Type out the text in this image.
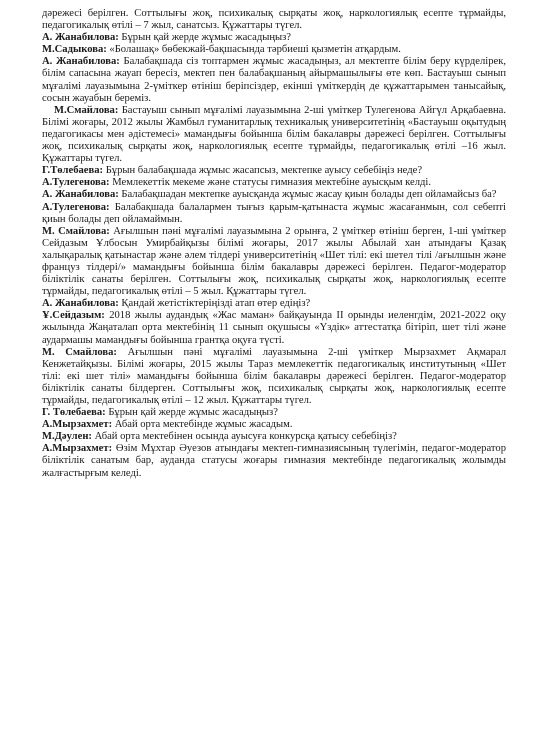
дәрежесі берілген. Соттылығы жоқ, психикалық сырқаты жоқ, наркологиялық есепте тұрмайды, педагогикалық өтілі – 7 жыл, санатсыз. Құжаттары түгел.

А. Жанабилова: Бұрын қай жерде жұмыс жасадыңыз?

М.Садыкова: «Болашақ» бөбекжай-бақшасында тәрбиеші қызметін атқардым.

А. Жанабилова: Балабақшада сіз топтармен жұмыс жасадыңыз, ал мектепте білім беру күрделірек, білім сапасына жауап бересіз, мектеп пен балабақшаның айырмашылығы өте көп. Бастауыш сынып мұғалімі лауазымына 2-үміткер өтініш беріпсіздер, екінші үміткердің де құжаттарымен танысайық, сосын жауабын береміз.

М.Смайлова: Бастауыш сынып мұғалімі лауазымына 2-ші үміткер Тулегенова Айгүл Арқабаевна. Білімі жоғары, 2012 жылы Жамбыл гуманитарлық техникалық университетінің «Бастауыш оқытудың педагогикасы мен әдістемесі» мамандығы бойынша білім бакалавры дәрежесі берілген. Соттылығы жоқ, психикалық сырқаты жоқ, наркологиялық есепте тұрмайды, педагогикалық өтілі –16 жыл. Құжаттары түгел.

Г.Төлебаева: Бұрын балабақшада жұмыс жасапсыз, мектепке ауысу себебіңіз неде?

А.Тулегенова: Мемлекеттік мекеме және статусы гимназия мектебіне ауысқым келді.

А. Жанабилова: Балабақшадан мектепке ауысқанда жұмыс жасау қиын болады деп ойламайсыз ба?

А.Тулегенова: Балабақшада балалармен тығыз қарым-қатынаста жұмыс жасағанмын, сол себепті қиын болады деп ойламаймын.

М. Смайлова: Ағылшын пәні мұғалімі лауазымына 2 орынға, 2 үміткер өтініш берген, 1-ші үміткер Сейдазым Ұлбосын Умирбайқызы білімі жоғары, 2017 жылы Абылай хан атындағы Қазақ халықаралық қатынастар және әлем тілдері университетінің «Шет тілі: екі шетел тілі /ағылшын және француз тілдері/» мамандығы бойынша білім бакалавры дәрежесі берілген. Педагог-модератор біліктілік санаты берілген. Соттылығы жоқ, психикалық сырқаты жоқ, наркологиялық есепте тұрмайды, педагогикалық өтілі – 5 жыл. Құжаттары түгел.

А. Жанабилова: Қандай жетістіктеріңізді атап өтер едіңіз?

Ұ.Сейдазым: 2018 жылы аудандық «Жас маман» байқауында II орынды иеленгдім, 2021-2022 оқу жылында Жаңаталап орта мектебінің 11 сынып оқушысы «Үздік» аттестатқа бітіріп, шет тілі және аудармашы мамандығы бойынша грантқа оқуға түсті.

М. Смайлова: Ағылшын пәні мұғалімі лауазымына 2-ші үміткер Мырзахмет Ақмарал Кенжетайқызы. Білімі жоғары, 2015 жылы Тараз мемлекеттік педагогикалық институтының «Шет тілі: екі шет тілі» мамандығы бойынша білім бакалавры дәрежесі берілген. Педагог-модератор біліктілік санаты білдерген. Соттылығы жоқ, психикалық сырқаты жоқ, наркологиялық есепте тұрмайды, педагогикалық өтілі – 12 жыл. Құжаттары түгел.

Г. Төлебаева: Бұрын қай жерде жұмыс жасадыңыз?

А.Мырзахмет: Абай орта мектебінде жұмыс жасадым.

М.Дәулен: Абай орта мектебінен осында ауысуға конкурсқа қатысу себебіңіз?

А.Мырзахмет: Өзім Мұхтар Әуезов атындағы мектеп-гимназиясының түлегімін, педагог-модератор біліктілік санатым бар, ауданда статусы жоғары гимназия мектебінде педагогикалық жолымды жалғастырғым келеді.
